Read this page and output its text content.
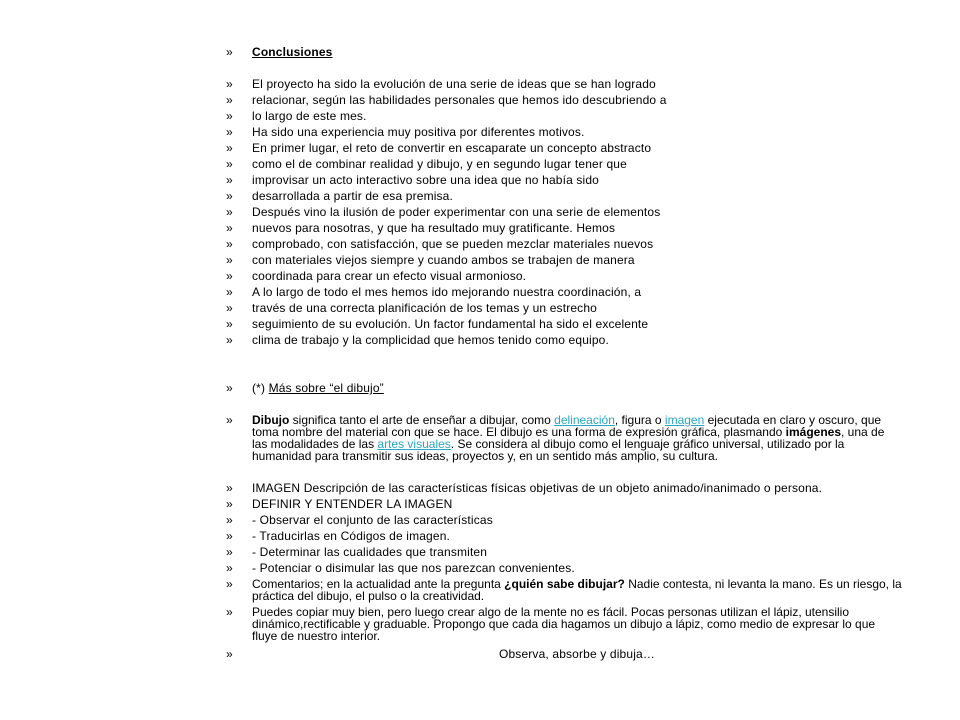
» Conclusiones
» El proyecto ha sido la evolución de una serie de ideas que se han logrado
» relacionar, según las habilidades personales que hemos ido descubriendo a
» lo largo de este mes.
» Ha sido una experiencia muy positiva por diferentes motivos.
» En primer lugar, el reto de convertir en escaparate un concepto abstracto
» como el de combinar realidad y dibujo, y en segundo lugar tener que
» improvisar un acto interactivo sobre una idea que no había sido
» desarrollada a partir de esa premisa.
» Después vino la ilusión de poder experimentar con una serie de elementos
» nuevos para nosotras, y que ha resultado muy gratificante. Hemos
» comprobado, con satisfacción, que se pueden mezclar materiales nuevos
» con materiales viejos siempre y cuando ambos se trabajen de manera
» coordinada para crear un efecto visual armonioso.
» A lo largo de todo el mes hemos ido mejorando nuestra coordinación, a
» través de una correcta planificación de los temas y un estrecho
» seguimiento de su evolución. Un factor fundamental ha sido el excelente
» clima de trabajo y la complicidad que hemos tenido como equipo.
» (*) Más sobre “el dibujo”
» Dibujo significa tanto el arte de enseñar a dibujar, como delineación, figura o imagen ejecutada en claro y oscuro, que toma nombre del material con que se hace. El dibujo es una forma de expresión gráfica, plasmando imágenes, una de las modalidades de las artes visuales. Se considera al dibujo como el lenguaje gráfico universal, utilizado por la humanidad para transmitir sus ideas, proyectos y, en un sentido más amplio, su cultura.
» IMAGEN Descripción de las características físicas objetivas de un objeto animado/inanimado o persona.
» DEFINIR Y ENTENDER LA IMAGEN
» - Observar el conjunto de las características
» - Traducirlas en Códigos de imagen.
» - Determinar las cualidades que transmiten
» - Potenciar o disimular las que nos parezcan convenientes.
» Comentarios; en la actualidad ante la pregunta ¿quién sabe dibujar? Nadie contesta, ni levanta la mano. Es un riesgo, la práctica del dibujo, el pulso o la creatividad.
» Puedes copiar muy bien, pero luego crear algo de la mente no es fácil. Pocas personas utilizan el lápiz, utensilio dinámico,rectificable y graduable. Propongo que cada dia hagamos un dibujo a lápiz, como medio de expresar lo que fluye de nuestro interior.
»	Observa, absorbe y dibuja…
